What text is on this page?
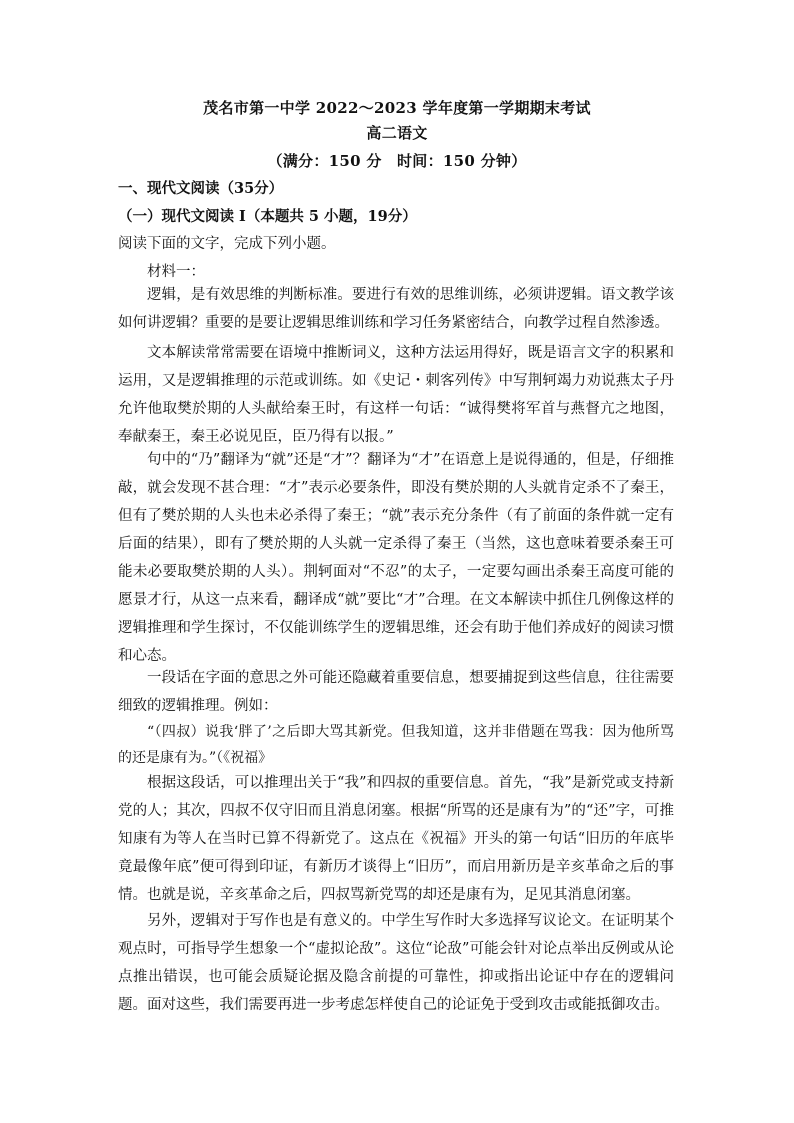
茂名市第一中学 2022～2023 学年度第一学期期末考试
高二语文
（满分：150 分　时间：150 分钟）
一、现代文阅读（35分）
（一）现代文阅读 I（本题共 5 小题，19分）
阅读下面的文字，完成下列小题。
材料一：

逻辑，是有效思维的判断标准。要进行有效的思维训练，必须讲逻辑。语文教学该如何讲逻辑？重要的是要让逻辑思维训练和学习任务紧密结合，向教学过程自然渗透。

文本解读常常需要在语境中推断词义，这种方法运用得好，既是语言文字的积累和运用，又是逻辑推理的示范或训练。如《史记・刺客列传》中写荆轲竭力劝说燕太子丹允许他取樊於期的人头献给秦王时，有这样一句话：“诚得樊将军首与燕督亢之地图，奉献秦王，秦王必说见臣，臣乃得有以报。”

句中的“乃”翻译为“就”还是“才”？翻译为“才”在语意上是说得通的，但是，仔细推敲，就会发现不甚合理：“才”表示必要条件，即没有樊於期的人头就肯定杀不了秦王，但有了樊於期的人头也未必杀得了秦王；“就”表示充分条件（有了前面的条件就一定有后面的结果），即有了樊於期的人头就一定杀得了秦王（当然，这也意味着要杀秦王可能未必要取樊於期的人头）。荆轲面对“不忍”的太子，一定要勾画出杀秦王高度可能的愿景才行，从这一点来看，翻译成“就”要比“才”合理。在文本解读中抓住几例像这样的逻辑推理和学生探讨，不仅能训练学生的逻辑思维，还会有助于他们养成好的阅读习惯和心态。

一段话在字面的意思之外可能还隐藏着重要信息，想要捕捉到这些信息，往往需要细致的逻辑推理。例如：

“（四叔）说我‘胖了’之后即大骂其新党。但我知道，这并非借题在骂我：因为他所骂的还是康有为。”（《祝福》

根据这段话，可以推理出关于“我”和四叔的重要信息。首先，“我”是新党或支持新党的人；其次，四叔不仅守旧而且消息闭塞。根据“所骂的还是康有为”的“还”字，可推知康有为等人在当时已算不得新党了。这点在《祝福》开头的第一句话“旧历的年底毕竟最像年底”便可得到印证，有新历才谈得上“旧历”，而启用新历是辛亥革命之后的事情。也就是说，辛亥革命之后，四叔骂新党骂的却还是康有为，足见其消息闭塞。

另外，逻辑对于写作也是有意义的。中学生写作时大多选择写议论文。在证明某个观点时，可指导学生想象一个“虚拟论敌”。这位“论敌”可能会针对论点举出反例或从论点推出错误，也可能会质疑论据及隐含前提的可靠性，抑或指出论证中存在的逻辑问题。面对这些，我们需要再进一步考虑怎样使自己的论证免于受到攻击或能抵御攻击。
